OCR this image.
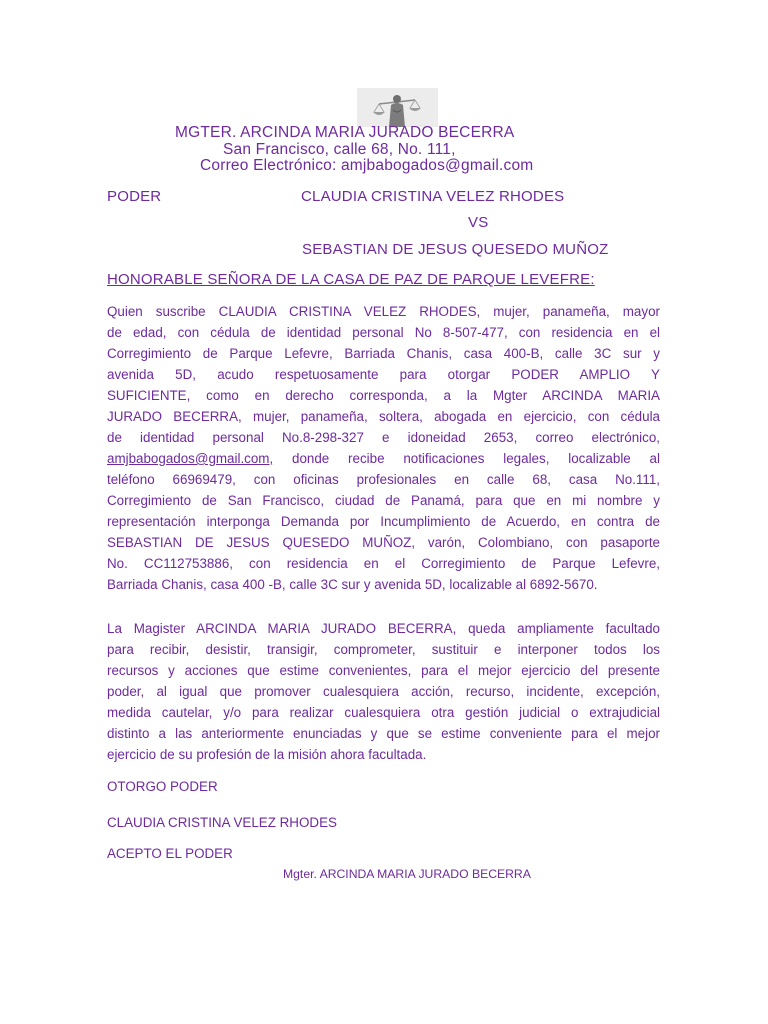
MGTER. ARCINDA MARIA JURADO BECERRA
San Francisco, calle 68, No. 111,
Correo Electrónico: amjbabogados@gmail.com
PODER	CLAUDIA CRISTINA VELEZ RHODES
VS
SEBASTIAN DE JESUS QUESEDO MUÑOZ
HONORABLE SEÑORA DE LA CASA DE PAZ DE PARQUE LEVEFRE:
Quien suscribe CLAUDIA CRISTINA VELEZ RHODES, mujer, panameña, mayor
de edad, con cédula de identidad personal No 8-507-477, con residencia en el
Corregimiento de Parque Lefevre, Barriada Chanis, casa 400-B, calle 3C sur y
avenida 5D, acudo respetuosamente para otorgar PODER AMPLIO Y
SUFICIENTE, como en derecho corresponda, a la Mgter ARCINDA MARIA
JURADO BECERRA, mujer, panameña, soltera, abogada en ejercicio, con cédula
de identidad personal No.8-298-327 e idoneidad 2653, correo electrónico,
amjbabogados@gmail.com, donde recibe notificaciones legales, localizable al
teléfono 66969479, con oficinas profesionales en calle 68, casa No.111,
Corregimiento de San Francisco, ciudad de Panamá, para que en mi nombre y
representación interponga Demanda por Incumplimiento de Acuerdo, en contra de
SEBASTIAN DE JESUS QUESEDO MUÑOZ, varón, Colombiano, con pasaporte
No. CC112753886, con residencia en el Corregimiento de Parque Lefevre,
Barriada Chanis, casa 400 -B, calle 3C sur y avenida 5D, localizable al 6892-5670.
La Magister ARCINDA MARIA JURADO BECERRA, queda ampliamente facultado
para recibir, desistir, transigir, comprometer, sustituir e interponer todos los
recursos y acciones que estime convenientes, para el mejor ejercicio del presente
poder, al igual que promover cualesquiera acción, recurso, incidente, excepción,
medida cautelar, y/o para realizar cualesquiera otra gestión judicial o extrajudicial
distinto a las anteriormente enunciadas y que se estime conveniente para el mejor
ejercicio de su profesión de la misión ahora facultada.
OTORGO PODER
CLAUDIA CRISTINA VELEZ RHODES
ACEPTO EL PODER
Mgter. ARCINDA MARIA JURADO BECERRA
